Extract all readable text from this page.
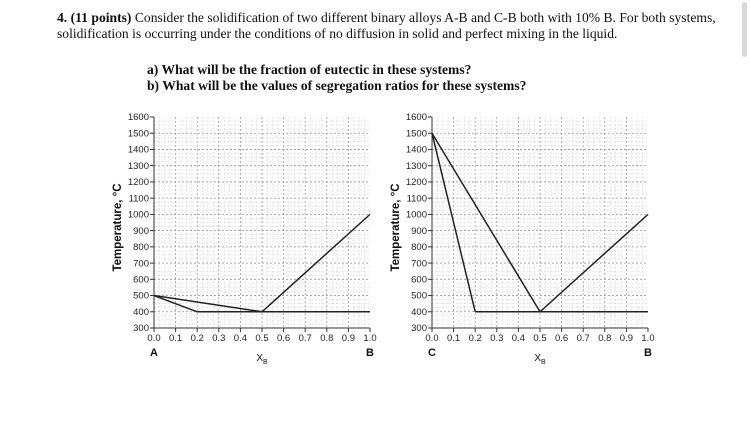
4. (11 points) Consider the solidification of two different binary alloys A-B and C-B both with 10% B. For both systems, solidification is occurring under the conditions of no diffusion in solid and perfect mixing in the liquid.

a) What will be the fraction of eutectic in these systems?
b) What will be the values of segregation ratios for these systems?
300
400
500
600
700
800
900
1000
1100
1200
1300
1400
1500
1600
0.0 0.1 0.2 0.3 0.4 0.5 0.6 0.7 0.8 0.9 1.0
A	B
$X_B$
Temperature, °C
300
400
500
600
700
800
900
1000
1100
1200
1300
1400
1500
1600
0.0 0.1 0.2 0.3 0.4 0.5 0.6 0.7 0.8 0.9 1.0
C	B
$X_B$
Temperature, °C
